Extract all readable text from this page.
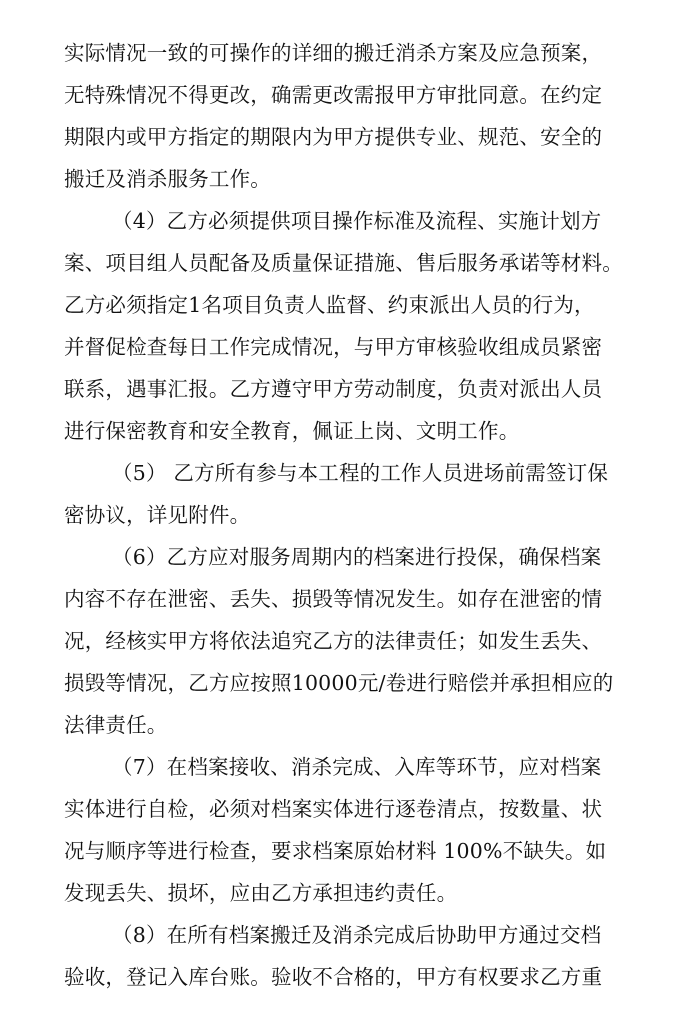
实际情况一致的可操作的详细的搬迁消杀方案及应急预案，
无特殊情况不得更改，确需更改需报甲方审批同意。在约定
期限内或甲方指定的期限内为甲方提供专业、规范、安全的
搬迁及消杀服务工作。
（4）乙方必须提供项目操作标准及流程、实施计划方
案、项目组人员配备及质量保证措施、售后服务承诺等材料。
乙方必须指定1名项目负责人监督、约束派出人员的行为，
并督促检查每日工作完成情况，与甲方审核验收组成员紧密
联系，遇事汇报。乙方遵守甲方劳动制度，负责对派出人员
进行保密教育和安全教育，佩证上岗、文明工作。
（5） 乙方所有参与本工程的工作人员进场前需签订保
密协议，详见附件。
（6）乙方应对服务周期内的档案进行投保，确保档案
内容不存在泄密、丢失、损毁等情况发生。如存在泄密的情
况，经核实甲方将依法追究乙方的法律责任；如发生丢失、
损毁等情况，乙方应按照10000元/卷进行赔偿并承担相应的
法律责任。
（7）在档案接收、消杀完成、入库等环节，应对档案
实体进行自检，必须对档案实体进行逐卷清点，按数量、状
况与顺序等进行检查，要求档案原始材料 100%不缺失。如
发现丢失、损坏，应由乙方承担违约责任。
（8）在所有档案搬迁及消杀完成后协助甲方通过交档
验收，登记入库台账。验收不合格的，甲方有权要求乙方重
